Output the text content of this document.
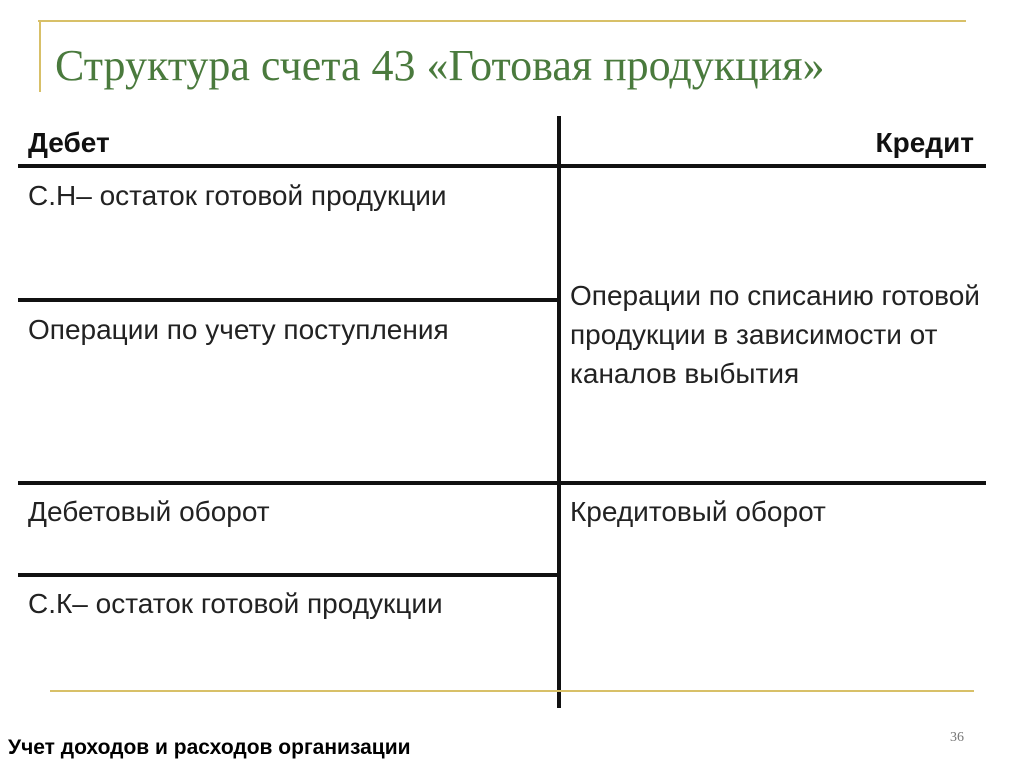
Структура счета 43 «Готовая продукция»
Дебет	Кредит
С.Н– остаток готовой продукции
Операции по учету поступления
Дебетовый оборот
С.К– остаток готовой продукции
Операции по списанию готовой продукции в зависимости от каналов выбытия
Кредитовый оборот
Учет доходов и расходов организации	36
